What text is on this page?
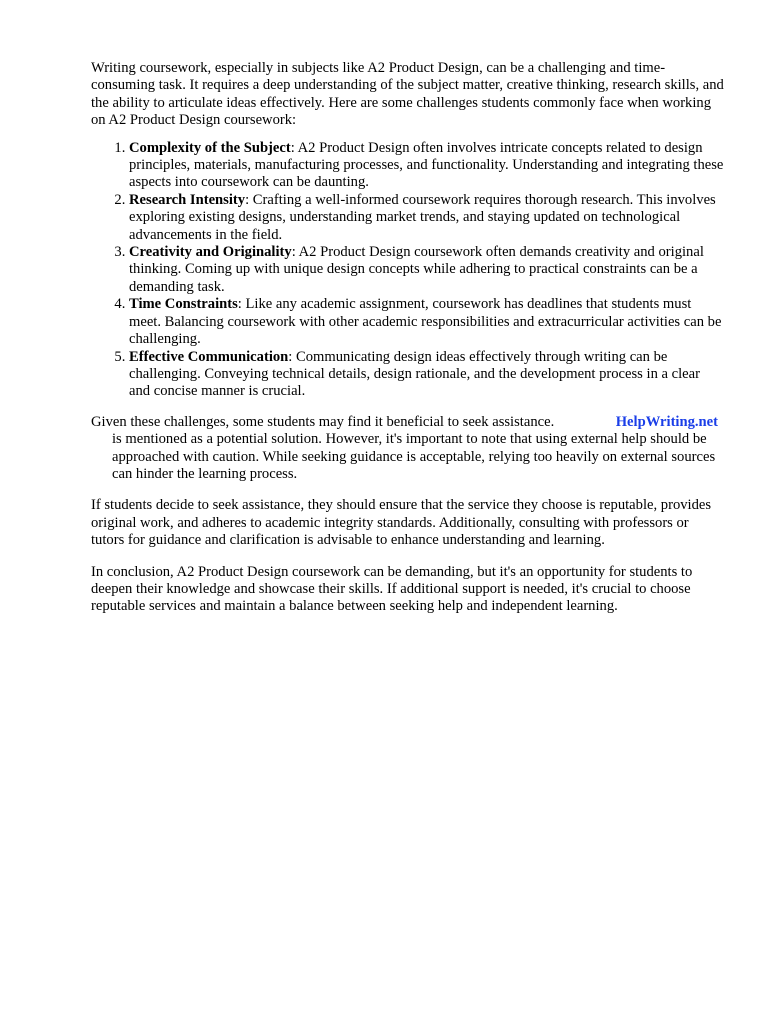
Writing coursework, especially in subjects like A2 Product Design, can be a challenging and time-consuming task. It requires a deep understanding of the subject matter, creative thinking, research skills, and the ability to articulate ideas effectively. Here are some challenges students commonly face when working on A2 Product Design coursework:

1. Complexity of the Subject: A2 Product Design often involves intricate concepts related to design principles, materials, manufacturing processes, and functionality. Understanding and integrating these aspects into coursework can be daunting.
2. Research Intensity: Crafting a well-informed coursework requires thorough research. This involves exploring existing designs, understanding market trends, and staying updated on technological advancements in the field.
3. Creativity and Originality: A2 Product Design coursework often demands creativity and original thinking. Coming up with unique design concepts while adhering to practical constraints can be a demanding task.
4. Time Constraints: Like any academic assignment, coursework has deadlines that students must meet. Balancing coursework with other academic responsibilities and extracurricular activities can be challenging.
5. Effective Communication: Communicating design ideas effectively through writing can be challenging. Conveying technical details, design rationale, and the development process in a clear and concise manner is crucial.
HelpWriting.net
Given these challenges, some students may find it beneficial to seek assistance.
is mentioned as a potential solution. However, it's important to note that using external help should be approached with caution. While seeking guidance is acceptable, relying too heavily on external sources can hinder the learning process.

If students decide to seek assistance, they should ensure that the service they choose is reputable, provides original work, and adheres to academic integrity standards. Additionally, consulting with professors or tutors for guidance and clarification is advisable to enhance understanding and learning.

In conclusion, A2 Product Design coursework can be demanding, but it's an opportunity for students to deepen their knowledge and showcase their skills. If additional support is needed, it's crucial to choose reputable services and maintain a balance between seeking help and independent learning.
